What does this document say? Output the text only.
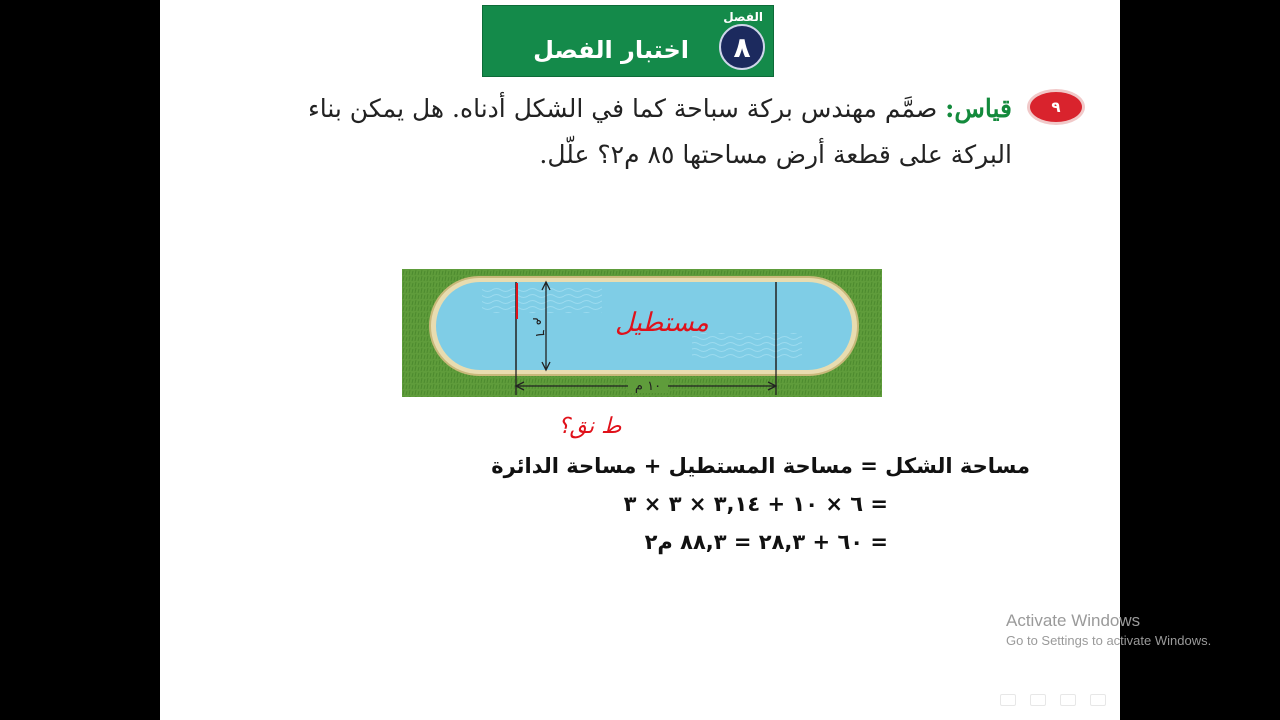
اختبار الفصل
الفصل
٨
٩
قياس: صمَّم مهندس بركة سباحة كما في الشكل أدناه. هل يمكن بناء البركة على قطعة أرض مساحتها ٨٥ م٢؟ علّل.
٦ م
١٠ م
مستطيل
ط نق؟
مساحة الشكل = مساحة المستطيل + مساحة الدائرة
= ٦ × ١٠ + ٣,١٤ × ٣ × ٣
= ٦٠ + ٢٨,٣ = ٨٨,٣ م٢
Activate Windows
Go to Settings to activate Windows.
